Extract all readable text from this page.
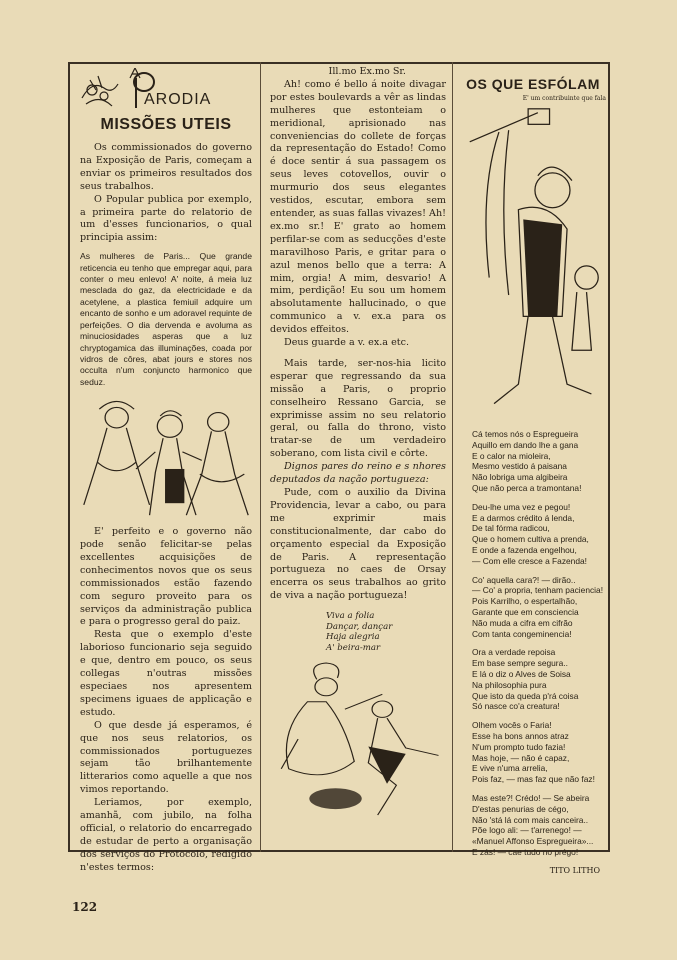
ARODIA
MISSÕES UTEIS

Os commissionados do governo na Exposição de Paris, começam a enviar os primeiros resultados dos seus trabalhos.

O Popular publica por exemplo, a primeira parte do relatorio de um d'esses funcionarios, o qual principia assim:

As mulheres de Paris... Que grande reticencia eu tenho que empregar aqui, para conter o meu enlevo! A' noite, á meia luz mesclada do gaz, da electricidade e da acetylene, a plastica femiuil adquire um encanto de sonho e um adoravel requinte de perfeições. O dia dervenda e avoluma as minuciosidades asperas que a luz chryptogamica das illuminações, coada por vidros de côres, abat jours e stores nos occulta n'um conjuncto harmonico que seduz.

E' perfeito e o governo não pode senão felicitar-se pelas excellentes acquisições de conhecimentos novos que os seus commissionados estão fazendo com seguro proveito para os serviços da administração publica e para o progresso geral do paiz.

Resta que o exemplo d'este laborioso funcionario seja seguido e que, dentro em pouco, os seus collegas n'outras missões especiaes nos apresentem specimens iguaes de applicação e estudo.

O que desde já esperamos, é que nos seus relatorios, os commissionados portuguezes sejam tão brilhantemente litterarios como aquelle a que nos vimos reportando.

Leriamos, por exemplo, amanhã, com jubilo, na folha official, o relatorio do encarregado de estudar de perto a organisação dos serviços do Protocolo, redigido n'estes termos:

Ill.mo Ex.mo Sr.

Ah! como é bello á noite divagar por estes boulevards a vêr as lindas mulheres que estonteiam o meridional, aprisionado nas conveniencias do collete de forças da representação do Estado! Como é doce sentir á sua passagem os seus leves cotovellos, ouvir o murmurio dos seus elegantes vestidos, escutar, embora sem entender, as suas fallas vivazes! Ah! ex.mo sr.! E' grato ao homem perfilar-se com as seducções d'este maravilhoso Paris, e gritar para o azul menos bello que a terra: A mim, orgia! A mim, desvario! A mim, perdição! Eu sou um homem absolutamente hallucinado, o que communico a v. ex.a para os devidos effeitos.

Deus guarde a v. ex.a etc.

Mais tarde, ser-nos-hia licito esperar que regressando da sua missão a Paris, o proprio conselheiro Ressano Garcia, se exprimisse assim no seu relatorio geral, ou falla do throno, visto tratar-se de um verdadeiro soberano, com lista civil e côrte.

Dignos pares do reino e s nhores deputados da nação portugueza:

Pude, com o auxilio da Divina Providencia, levar a cabo, ou para me exprimir mais constitucionalmente, dar cabo do orçamento especial da Exposição de Paris. A representação portugueza no caes de Orsay encerra os seus trabalhos ao grito de viva a nação portugueza!

Viva a folia
Dançar, dançar
Haja alegria
A' beira-mar
OS QUE ESFÓLAM
E' um contribuinte que fala
Cá temos nós o Espregueira
Aquillo em dando lhe a gana
E o calor na mioleira,
Mesmo vestido á paisana
Não lobriga uma algibeira
Que não perca a tramontana!
Deu-lhe uma vez e pegou!
E a darmos crédito á lenda,
De tal fórma radicou,
Que o homem cultiva a prenda,
E onde a fazenda engelhou,
— Com elle cresce a Fazenda!
Co' aquella cara?! — dirão..
— Co' a propria, tenham paciencia!
Pois Karrilho, o espertalhão,
Garante que em consciencia
Não muda a cifra em cifrão
Com tanta congeminencia!
Ora a verdade repoisa
Em base sempre segura..
E lá o diz o Alves de Soisa
Na philosophia pura
Que isto da queda p'rá coisa
Só nasce co'a creatura!
Olhem vocês o Faria!
Esse ha bons annos atraz
N'um prompto tudo fazia!
Mas hoje, — não é capaz,
E vive n'uma arrelia,
Pois faz, — mas faz que não faz!
Mas este?! Crédo! — Se abeira
D'estas penurias de cégo,
Não 'stá lá com mais canceira..
Põe logo ali: — t'arrenego! —
«Manuel Affonso Espregueira»...
E zás! — cae tudo no prégo!
TITO LITHO
122
